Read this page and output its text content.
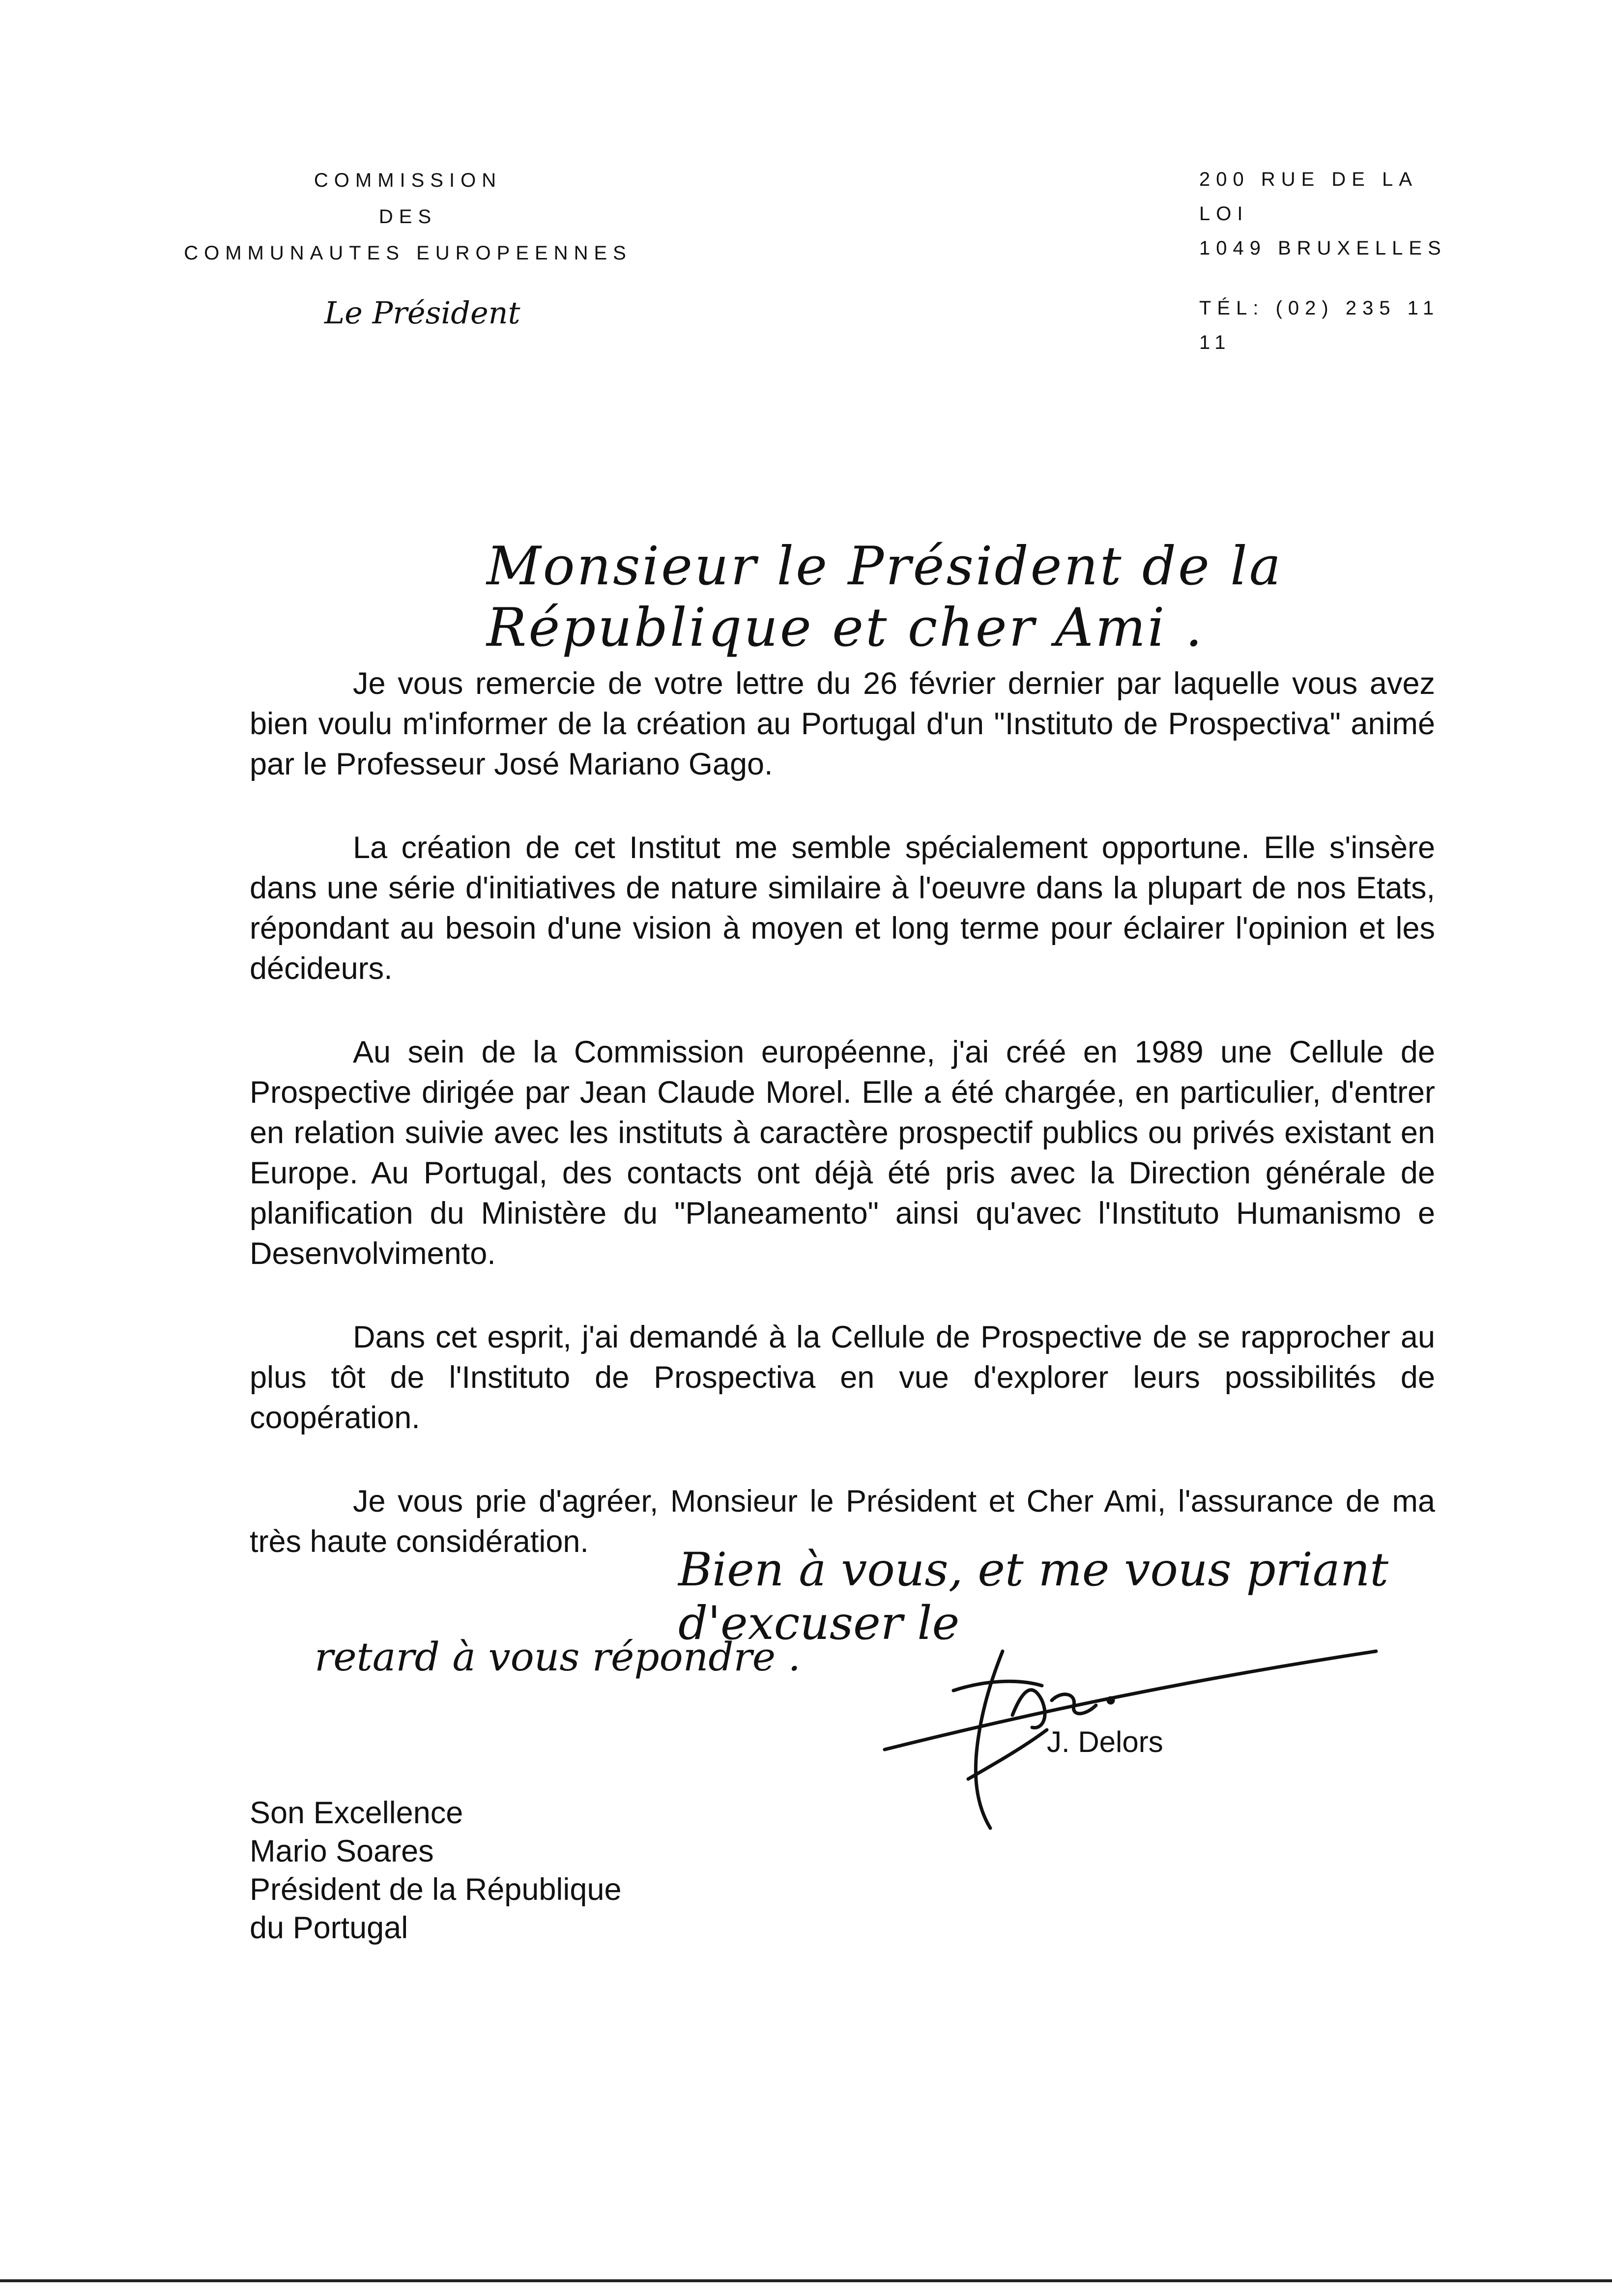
COMMISSION
DES
COMMUNAUTES EUROPEENNES
200 RUE DE LA LOI
1049 BRUXELLES
TÉL: (02) 235 11 11
Le Président
Monsieur le Président de la République et cher Ami .

Je vous remercie de votre lettre du 26 février dernier par laquelle vous avez bien voulu m'informer de la création au Portugal d'un "Instituto de Prospectiva" animé par le Professeur José Mariano Gago.

La création de cet Institut me semble spécialement opportune. Elle s'insère dans une série d'initiatives de nature similaire à l'oeuvre dans la plupart de nos Etats, répondant au besoin d'une vision à moyen et long terme pour éclairer l'opinion et les décideurs.

Au sein de la Commission européenne, j'ai créé en 1989 une Cellule de Prospective dirigée par Jean Claude Morel. Elle a été chargée, en particulier, d'entrer en relation suivie avec les instituts à caractère prospectif publics ou privés existant en Europe. Au Portugal, des contacts ont déjà été pris avec la Direction générale de planification du Ministère du "Planeamento" ainsi qu'avec l'Instituto Humanismo e Desenvolvimento.

Dans cet esprit, j'ai demandé à la Cellule de Prospective de se rapprocher au plus tôt de l'Instituto de Prospectiva en vue d'explorer leurs possibilités de coopération.

Je vous prie d'agréer, Monsieur le Président et Cher Ami, l'assurance de ma très haute considération.

Bien à vous, et me vous priant d'excuser le
retard à vous répondre .
J. Delors
Son Excellence
Mario Soares
Président de la République
du Portugal
